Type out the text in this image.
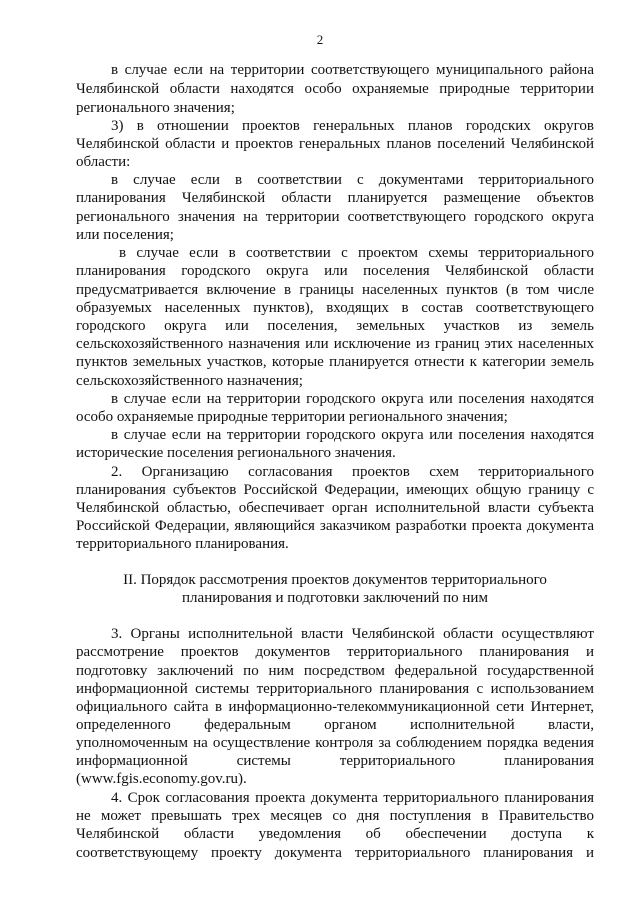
2
в случае если на территории соответствующего муниципального района
Челябинской области находятся особо охраняемые природные территории
регионального значения;
3) в отношении проектов генеральных планов городских округов
Челябинской области и проектов генеральных планов поселений Челябинской
области:
в случае если в соответствии с документами территориального
планирования Челябинской области планируется размещение объектов
регионального значения на территории соответствующего городского округа
или поселения;
в случае если в соответствии с проектом схемы территориального
планирования городского округа или поселения Челябинской области
предусматривается включение в границы населенных пунктов (в том числе
образуемых населенных пунктов), входящих в состав соответствующего
городского округа или поселения, земельных участков из земель
сельскохозяйственного назначения или исключение из границ этих населенных
пунктов земельных участков, которые планируется отнести к категории земель
сельскохозяйственного назначения;
в случае если на территории городского округа или поселения находятся
особо охраняемые природные территории регионального значения;
в случае если на территории городского округа или поселения находятся
исторические поселения регионального значения.
2. Организацию согласования проектов схем территориального
планирования субъектов Российской Федерации, имеющих общую границу с
Челябинской областью, обеспечивает орган исполнительной власти субъекта
Российской Федерации, являющийся заказчиком разработки проекта документа
территориального планирования.
II. Порядок рассмотрения проектов документов территориального
планирования и подготовки заключений по ним
3. Органы исполнительной власти Челябинской области осуществляют
рассмотрение проектов документов территориального планирования и
подготовку заключений по ним посредством федеральной государственной
информационной системы территориального планирования с использованием
официального сайта в информационно-телекоммуникационной сети Интернет,
определенного федеральным органом исполнительной власти,
уполномоченным на осуществление контроля за соблюдением порядка ведения
информационной системы территориального планирования
(www.fgis.economy.gov.ru).
4. Срок согласования проекта документа территориального планирования
не может превышать трех месяцев со дня поступления в Правительство
Челябинской области уведомления об обеспечении доступа к
соответствующему проекту документа территориального планирования и
